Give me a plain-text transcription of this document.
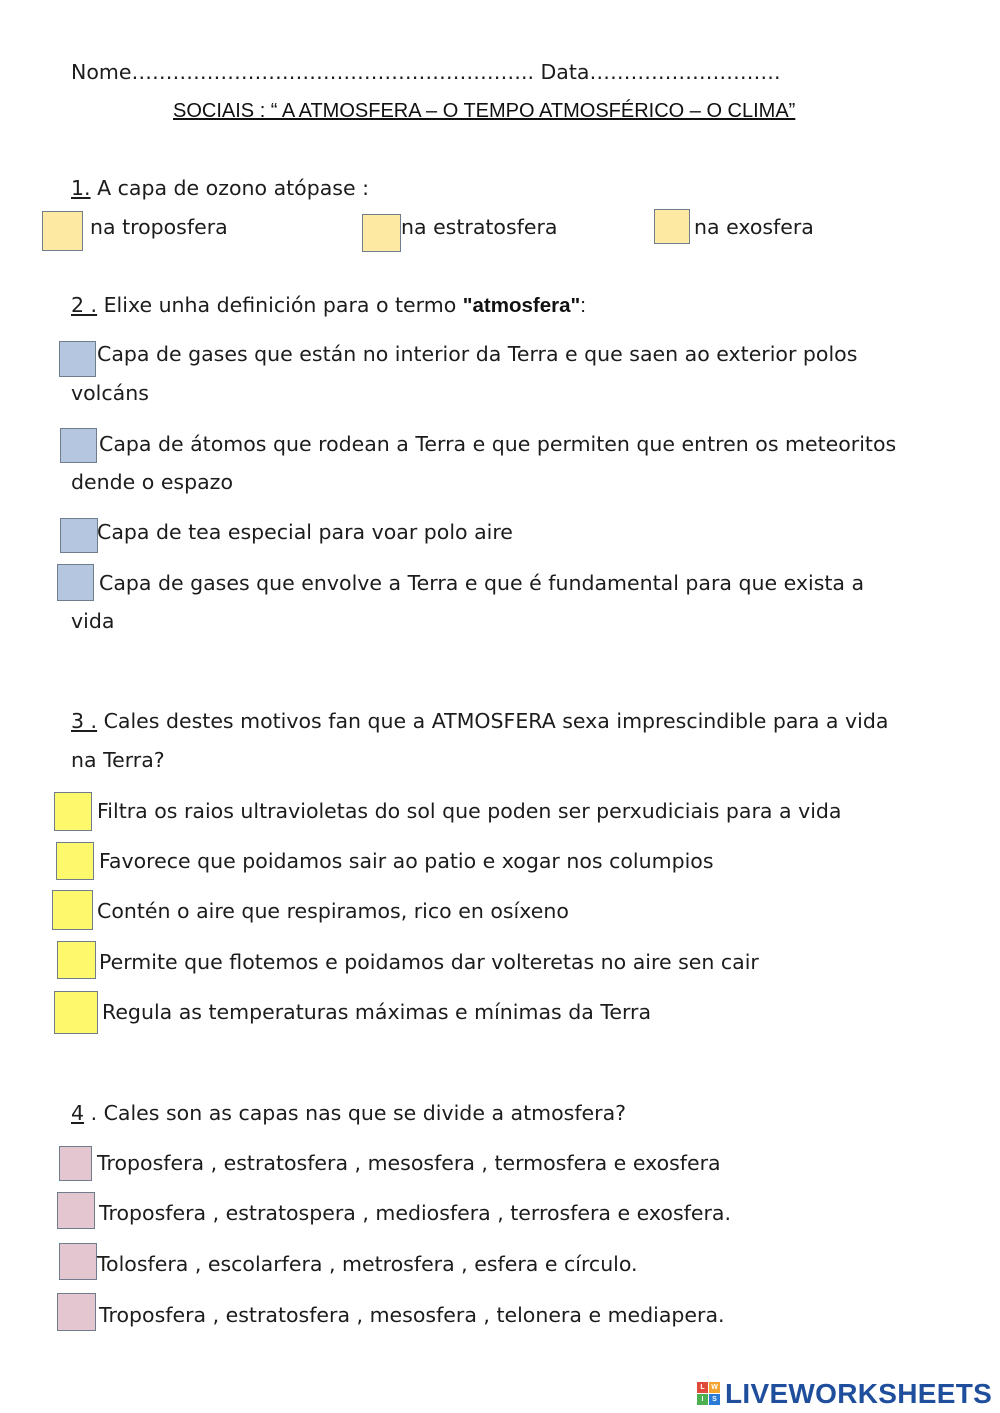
Nome………………………………………………….. Data……………………….
SOCIAIS : “ A ATMOSFERA – O TEMPO ATMOSFÉRICO – O CLIMA”
1. A capa de ozono atópase :
na troposfera	na estratosfera	na exosfera
2 . Elixe unha definición para o termo "atmosfera":
Capa de gases que están no interior da Terra e que saen ao exterior polos
volcáns
Capa de átomos que rodean a Terra e que permiten que entren os meteoritos
dende o espazo
Capa de tea especial para voar polo aire
Capa de gases que envolve a Terra e que é fundamental para que exista a
vida
3 . Cales destes motivos fan que a ATMOSFERA sexa imprescindible para a vida
na Terra?
Filtra os raios ultravioletas do sol que poden ser perxudiciais para a vida
Favorece que poidamos sair ao patio e xogar nos columpios
Contén o aire que respiramos, rico en osíxeno
Permite que flotemos e poidamos dar volteretas no aire sen cair
Regula as temperaturas máximas e mínimas da Terra
4 . Cales son as capas nas que se divide a atmosfera?
Troposfera , estratosfera , mesosfera , termosfera e exosfera
Troposfera , estratospera , mediosfera , terrosfera e exosfera.
Tolosfera , escolarfera , metrosfera , esfera e círculo.
Troposfera , estratosfera , mesosfera , telonera e mediapera.
L W
I	S LIVEWORKSHEETS
